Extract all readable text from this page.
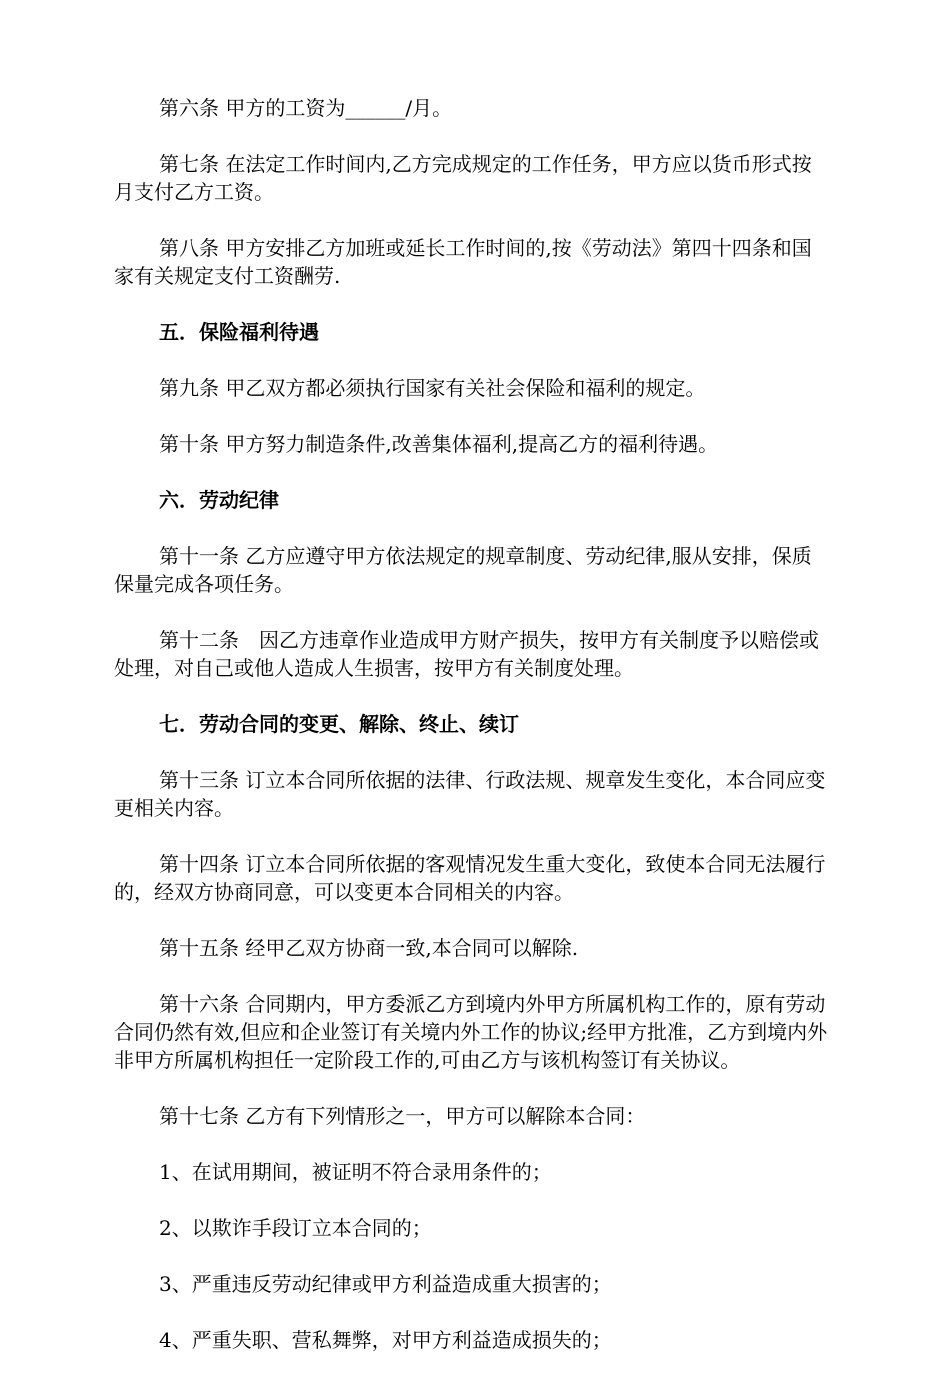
第六条 甲方的工资为______/月。

第七条 在法定工作时间内,乙方完成规定的工作任务，甲方应以货币形式按月支付乙方工资。

第八条 甲方安排乙方加班或延长工作时间的,按《劳动法》第四十四条和国家有关规定支付工资酬劳.

五．保险福利待遇

第九条 甲乙双方都必须执行国家有关社会保险和福利的规定。

第十条 甲方努力制造条件,改善集体福利,提高乙方的福利待遇。

六．劳动纪律

第十一条 乙方应遵守甲方依法规定的规章制度、劳动纪律,服从安排，保质保量完成各项任务。

第十二条　因乙方违章作业造成甲方财产损失，按甲方有关制度予以赔偿或处理，对自己或他人造成人生损害，按甲方有关制度处理。

七．劳动合同的变更、解除、终止、续订

第十三条 订立本合同所依据的法律、行政法规、规章发生变化，本合同应变更相关内容。

第十四条 订立本合同所依据的客观情况发生重大变化，致使本合同无法履行的，经双方协商同意，可以变更本合同相关的内容。

第十五条 经甲乙双方协商一致,本合同可以解除.

第十六条 合同期内，甲方委派乙方到境内外甲方所属机构工作的，原有劳动合同仍然有效,但应和企业签订有关境内外工作的协议;经甲方批准，乙方到境内外非甲方所属机构担任一定阶段工作的,可由乙方与该机构签订有关协议。

第十七条 乙方有下列情形之一，甲方可以解除本合同：

1、在试用期间，被证明不符合录用条件的；

2、以欺诈手段订立本合同的；

3、严重违反劳动纪律或甲方利益造成重大损害的；

4、严重失职、营私舞弊，对甲方利益造成损失的；
